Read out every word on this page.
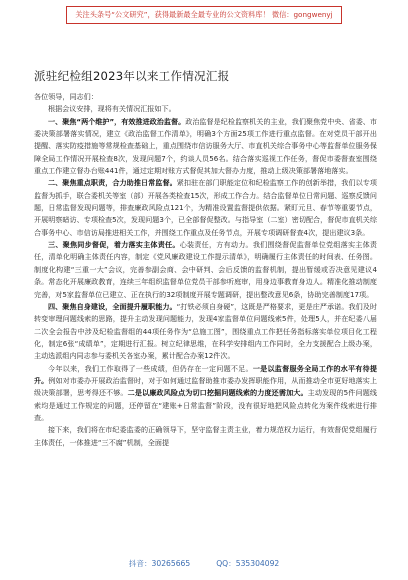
关注头条号“公文研究”，获得最新最全最专业的公文资料库！ 微信：gongwenyj
派驻纪检组2023年以来工作情况汇报

各位领导，同志们：

根据会议安排，现将有关情况汇报如下。

一、聚焦“两个维护”，有效推进政治监督。政治监督是纪检监察机关的主业，我们聚焦党中央、省委、市委决策部署落实情况，建立《政治监督工作清单》，明确3个方面25项工作进行重点监督。在对党员干部开出提醒、落实防疫措施等常规检查基础上，重点围绕市信访服务大厅、市直机关综合事务中心等监督单位服务保障全局工作情况开展检查8次，发现问题7个，约谈人员56名。结合落实巡视工作任务，督促市委督查室围绕重点工作建立督办台账441件，通过定期对账方式督促其加大督办力度，推动上级决策部署落地落实。

二、聚焦重点职责，合力助推日常监督。紧扣驻在部门职能定位和纪检监察工作的创新举措，我们以专项监督为抓手，联合委机关等室（部）开展各类检查15次，形成工作合力。结合监督单位日常问题、巡察反馈问题，日常监督发现问题等，排查廉政风险点121个，为精准设置监督提供依据。紧盯元旦、春节等重要节点，开展明察暗访、专项检查5次，发现问题3个，已全部督促整改。与指导室（二室）密切配合，督促市直机关综合事务中心、市信访局推进相关工作，并围绕工作重点及任务节点，开展专项调研督查4次，提出建议3条。

三、聚焦同步督促，着力落实主体责任。心装责任，方有动力。我们围绕督促监督单位党组落实主体责任，清单化明确主体责任内容，制定《党风廉政建设工作提示清单》，明确履行主体责任的时间表、任务图。制度化构建“三重一大”会议，完善参副会商、会中研判、会后反馈的监督机制，提出暂缓或否决意见建议4条。常态化开展廉政教育，连续三年组织监督单位党员干部参听庭审，用身边事教育身边人。精准化推动制度完善，对5家监督单位已建立、正在执行的32项制度开展专题调研，提出整改意见6条，协助完善制度17项。

四、聚焦自身建设，全面提升履职能力。“打铁必须自身硬”，这既是严格要求，更是庄严承诺。我们及时转变审理问题线索的思路，提升主动发现问题能力，发现4家监督单位问题线索5件，处理5人，并在纪委八届二次全会报告中涉及纪检监督组的44项任务作为“总施工图”，围绕重点工作把任务指标落实单位项目化工程化，制定6张“成绩单”，定期进行汇报。树立纪律思维，在科学安排组内工作同时，全力支援配合上级办案，主动选派组内同志参与委机关各室办案，累计配合办案12件次。

今年以来，我们工作取得了一些成绩，但仍存在一定问题不足。一是以监督服务全局工作的水平有待提升。例如对市委办开展政治监督时，对于如何通过监督助推市委办发挥职能作用，从而推动全市更好地落实上级决策部署，思考得还不够。二是以廉政风险点为切口挖掘问题线索的力度还需加大。主动发现的5件问题线索均是通过工作规定的问题，还停留在“建账+日常监督”阶段，没有很好地把风险点转化为案件线索进行排查。

接下来，我们将在市纪委监委的正确领导下，坚守监督主责主业，着力规范权力运行，有效督促党组履行主体责任，一体推进“三不腐”机制，全面提

抖音：30265665	QQ：535304092
